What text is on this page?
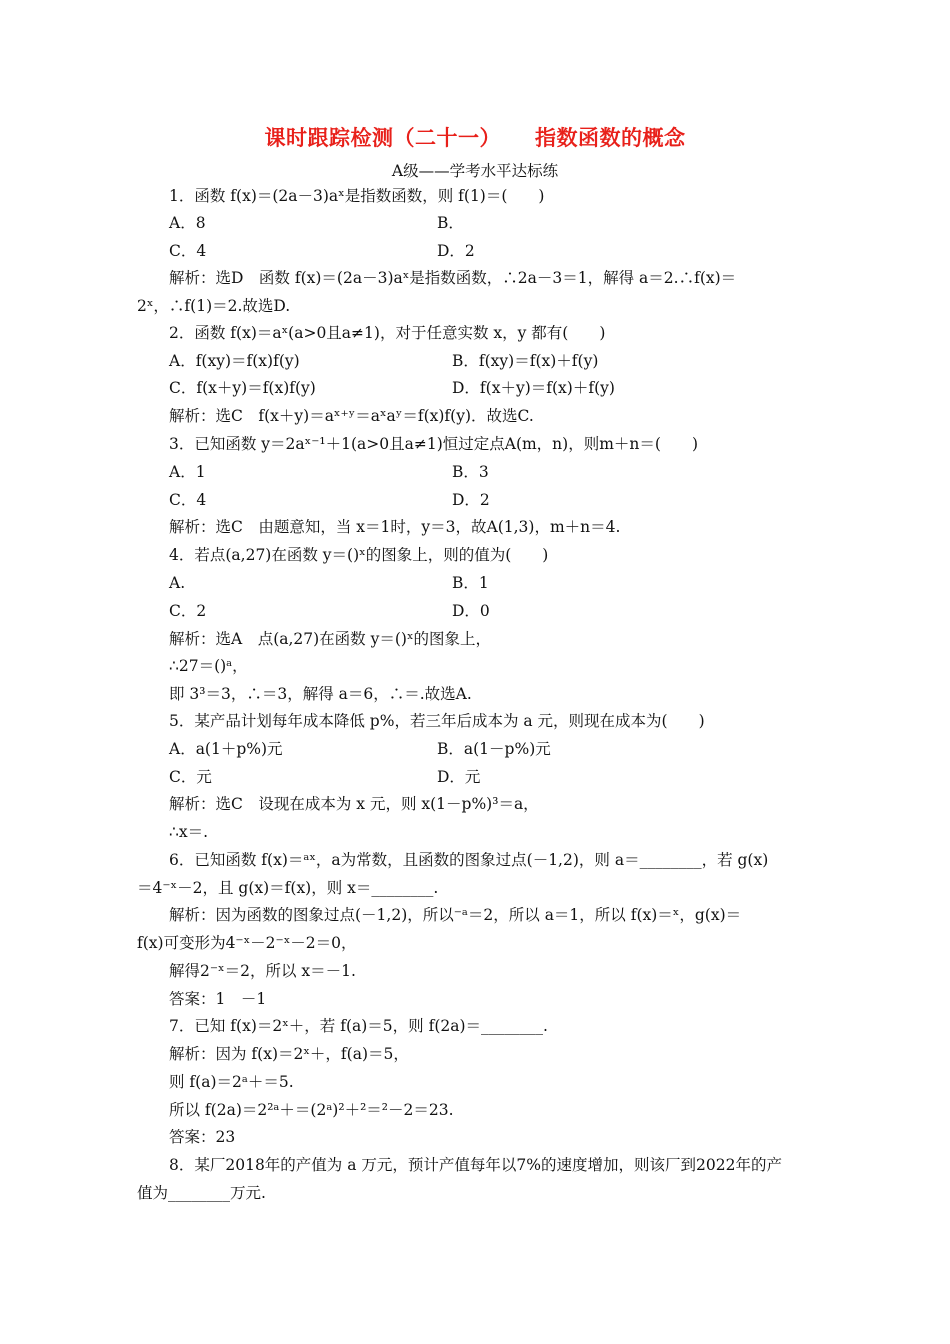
课时跟踪检测（二十一） 指数函数的概念
A级——学考水平达标练
1．函数 f(x)＝(2a－3)aˣ是指数函数，则 f(1)＝(　　)
A．8	B．
C．4	D．2
解析：选D　函数 f(x)＝(2a－3)aˣ是指数函数，∴2a－3＝1，解得 a＝2.∴f(x)＝
2ˣ，∴f(1)＝2.故选D.
2．函数 f(x)＝aˣ(a>0且a≠1)，对于任意实数 x，y 都有(　　)
A．f(xy)＝f(x)f(y)	B．f(xy)＝f(x)＋f(y)
C．f(x＋y)＝f(x)f(y)	D．f(x＋y)＝f(x)＋f(y)
解析：选C　f(x＋y)＝aˣ⁺ʸ＝aˣaʸ＝f(x)f(y)．故选C.
3．已知函数 y＝2aˣ⁻¹＋1(a>0且a≠1)恒过定点A(m，n)，则m＋n＝(　　)
A．1	B．3
C．4	D．2
解析：选C　由题意知，当 x＝1时，y＝3，故A(1,3)，m＋n＝4.
4．若点(a,27)在函数 y＝()ˣ的图象上，则的值为(　　)
A.	B．1
C．2	D．0
解析：选A　点(a,27)在函数 y＝()ˣ的图象上，
∴27＝()ᵃ，
即 3³＝3，∴＝3，解得 a＝6，∴＝.故选A.
5．某产品计划每年成本降低 p%，若三年后成本为 a 元，则现在成本为(　　)
A．a(1＋p%)元	B．a(1－p%)元
C．元	D．元
解析：选C　设现在成本为 x 元，则 x(1－p%)³＝a，
∴x＝.
6．已知函数 f(x)＝ᵃˣ，a为常数，且函数的图象过点(－1,2)，则 a＝________，若 g(x)
＝4⁻ˣ－2，且 g(x)＝f(x)，则 x＝________.
解析：因为函数的图象过点(－1,2)，所以⁻ᵃ＝2，所以 a＝1，所以 f(x)＝ˣ，g(x)＝
f(x)可变形为4⁻ˣ－2⁻ˣ－2＝0，
解得2⁻ˣ＝2，所以 x＝－1.
答案：1　－1
7．已知 f(x)＝2ˣ＋，若 f(a)＝5，则 f(2a)＝________.
解析：因为 f(x)＝2ˣ＋，f(a)＝5，
则 f(a)＝2ᵃ＋＝5.
所以 f(2a)＝2²ᵃ＋＝(2ᵃ)²＋²＝²－2＝23.
答案：23
8．某厂2018年的产值为 a 万元，预计产值每年以7%的速度增加，则该厂到2022年的产
值为________万元.
